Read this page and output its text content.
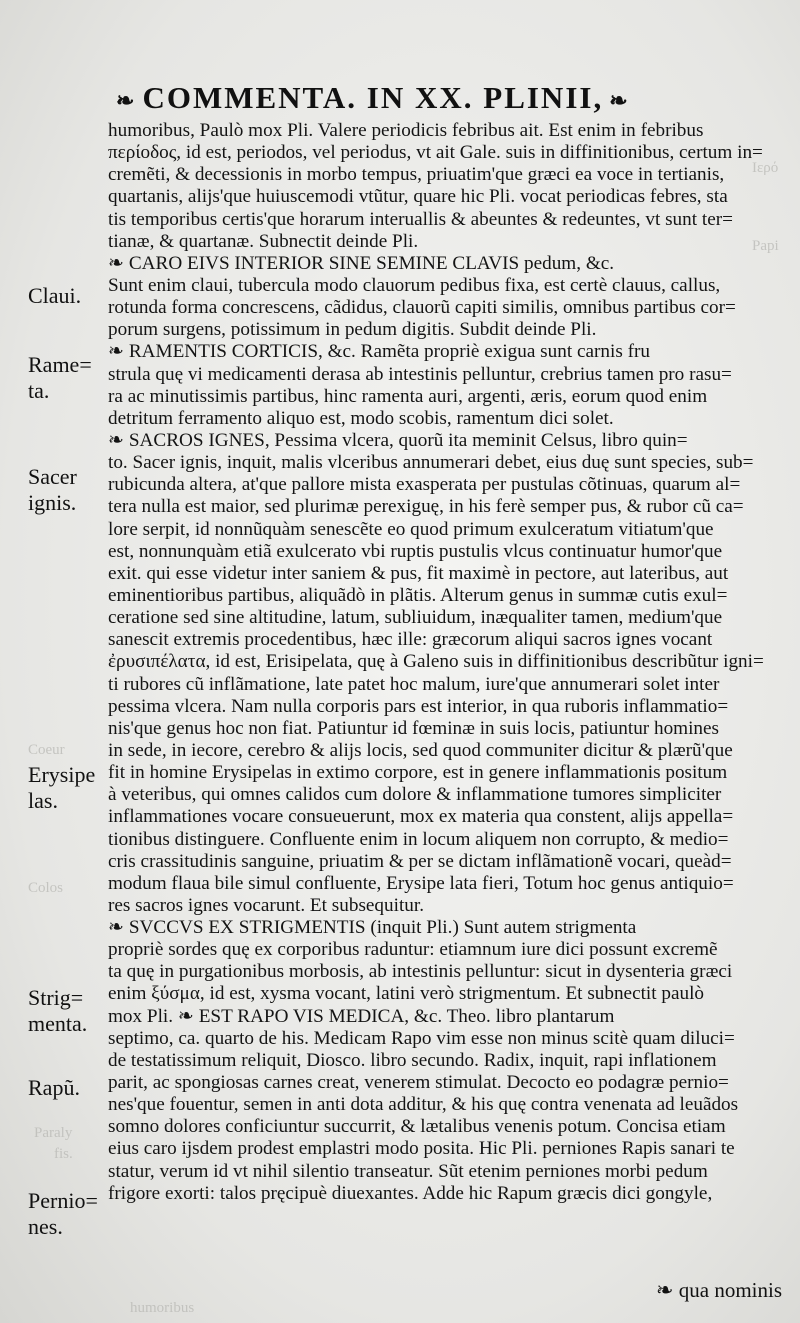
Ιερό
Papi
Coeur
Colos
Paraly
fis.
humoribus
❧ COMMENTA. IN XX. PLINII, ❧
Claui.
Rame= ta.
Sacer ignis.
Erysipe las.
Strig= menta.
Rapũ.
Pernio= nes.
humoribus, Paulò mox Pli. Valere periodicis febribus ait. Est enim in febribus
περίοδος, id est, periodos, vel periodus, vt ait Gale. suis in diffinitionibus, certum in=
cremẽti, & decessionis in morbo tempus, priuatim'que græci ea voce in tertianis,
quartanis, alijs'que huiuscemodi vtũtur, quare hic Pli. vocat periodicas febres, sta
tis temporibus certis'que horarum interuallis & abeuntes & redeuntes, vt sunt ter=
tianæ, & quartanæ. Subnectit deinde Pli.
❧ CARO EIVS INTERIOR SINE SEMINE CLAVIS pedum, &c.
Sunt enim claui, tubercula modo clauorum pedibus fixa, est certè clauus, callus,
rotunda forma concrescens, cãdidus, clauorũ capiti similis, omnibus partibus cor=
porum surgens, potissimum in pedum digitis. Subdit deinde Pli.
❧ RAMENTIS CORTICIS, &c. Ramẽta propriè exigua sunt carnis fru
strula quę vi medicamenti derasa ab intestinis pelluntur, crebrius tamen pro rasu=
ra ac minutissimis partibus, hinc ramenta auri, argenti, æris, eorum quod enim
detritum ferramento aliquo est, modo scobis, ramentum dici solet.
❧ SACROS IGNES, Pessima vlcera, quorũ ita meminit Celsus, libro quin=
to. Sacer ignis, inquit, malis vlceribus annumerari debet, eius duę sunt species, sub=
rubicunda altera, at'que pallore mista exasperata per pustulas cõtinuas, quarum al=
tera nulla est maior, sed plurimæ perexiguę, in his ferè semper pus, & rubor cũ ca=
lore serpit, id nonnũquàm senescẽte eo quod primum exulceratum vitiatum'que
est, nonnunquàm etiã exulcerato vbi ruptis pustulis vlcus continuatur humor'que
exit. qui esse videtur inter saniem & pus, fit maximè in pectore, aut lateribus, aut
eminentioribus partibus, aliquãdò in plãtis. Alterum genus in summæ cutis exul=
ceratione sed sine altitudine, latum, subliuidum, inæqualiter tamen, medium'que
sanescit extremis procedentibus, hæc ille: græcorum aliqui sacros ignes vocant
ἐρυσιπέλατα, id est, Erisipelata, quę à Galeno suis in diffinitionibus describũtur igni=
ti rubores cũ inflãmatione, late patet hoc malum, iure'que annumerari solet inter
pessima vlcera. Nam nulla corporis pars est interior, in qua ruboris inflammatio=
nis'que genus hoc non fiat. Patiuntur id fœminæ in suis locis, patiuntur homines
in sede, in iecore, cerebro & alijs locis, sed quod communiter dicitur & plærũ'que
fit in homine Erysipelas in extimo corpore, est in genere inflammationis positum
à veteribus, qui omnes calidos cum dolore & inflammatione tumores simpliciter
inflammationes vocare consueuerunt, mox ex materia qua constent, alijs appella=
tionibus distinguere. Confluente enim in locum aliquem non corrupto, & medio=
cris crassitudinis sanguine, priuatim & per se dictam inflãmationẽ vocari, queàd=
modum flaua bile simul confluente, Erysipe lata fieri, Totum hoc genus antiquio=
res sacros ignes vocarunt. Et subsequitur.
❧ SVCCVS EX STRIGMENTIS (inquit Pli.) Sunt autem strigmenta
propriè sordes quę ex corporibus raduntur: etiamnum iure dici possunt excremẽ
ta quę in purgationibus morbosis, ab intestinis pelluntur: sicut in dysenteria græci
enim ξύσμα, id est, xysma vocant, latini verò strigmentum. Et subnectit paulò
mox Pli. ❧ EST RAPO VIS MEDICA, &c. Theo. libro plantarum
septimo, ca. quarto de his. Medicam Rapo vim esse non minus scitè quam diluci=
de testatissimum reliquit, Diosco. libro secundo. Radix, inquit, rapi inflationem
parit, ac spongiosas carnes creat, venerem stimulat. Decocto eo podagræ pernio=
nes'que fouentur, semen in anti dota additur, & his quę contra venenata ad leuãdos
somno dolores conficiuntur succurrit, & lætalibus venenis potum. Concisa etiam
eius caro ijsdem prodest emplastri modo posita. Hic Pli. perniones Rapis sanari te
statur, verum id vt nihil silentio transeatur. Sũt etenim perniones morbi pedum
frigore exorti: talos pręcipuè diuexantes. Adde hic Rapum græcis dici gongyle,
❧ qua nominis
